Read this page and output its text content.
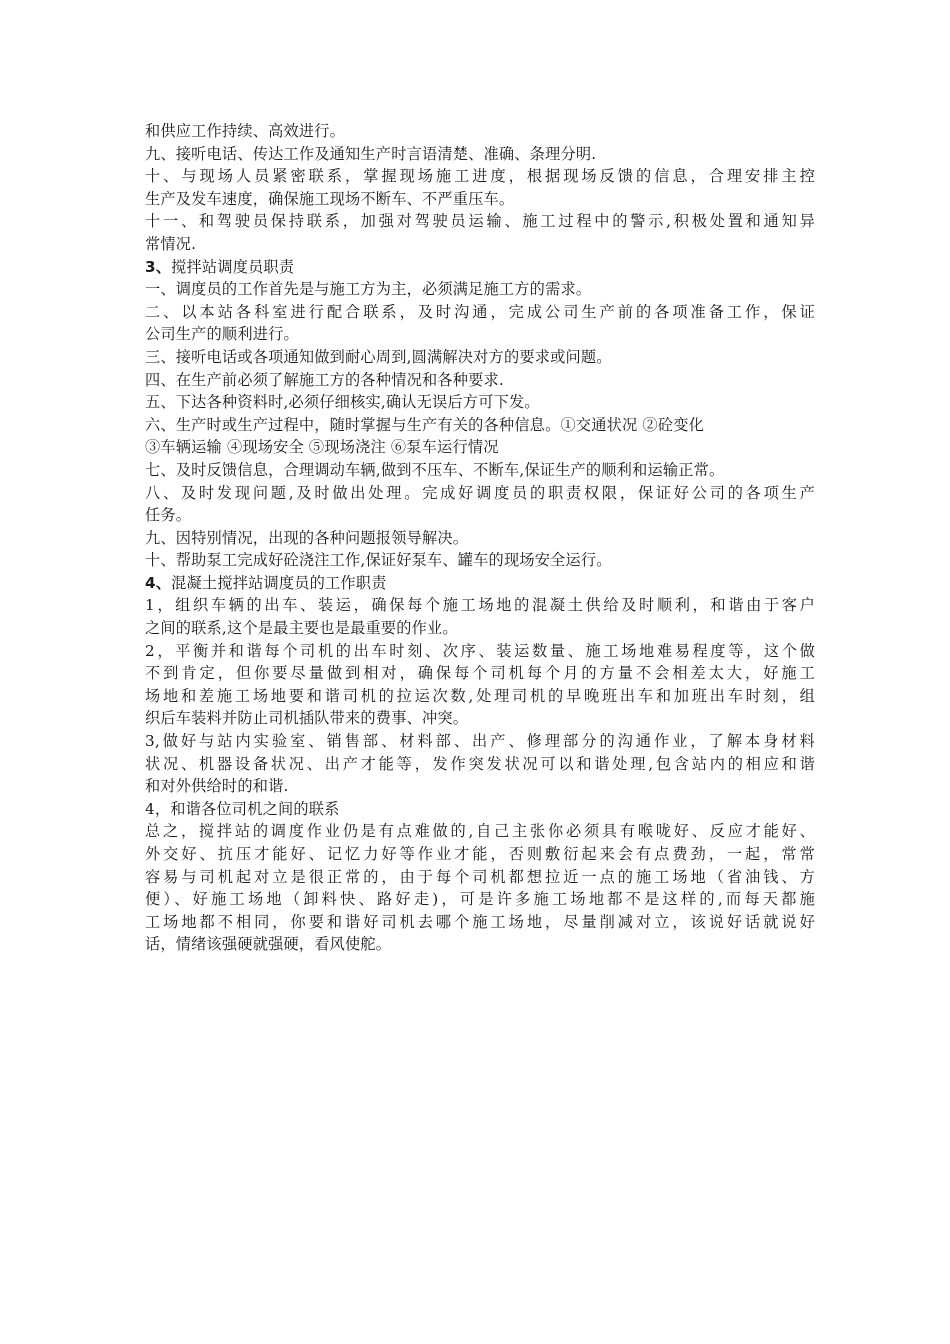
和供应工作持续、高效进行。
九、接听电话、传达工作及通知生产时言语清楚、准确、条理分明.
十、与现场人员紧密联系，掌握现场施工进度，根据现场反馈的信息，合理安排主控
生产及发车速度，确保施工现场不断车、不严重压车。
十一、和驾驶员保持联系，加强对驾驶员运输、施工过程中的警示,积极处置和通知异
常情况.
3、搅拌站调度员职责
一、调度员的工作首先是与施工方为主，必须满足施工方的需求。
二、以本站各科室进行配合联系，及时沟通，完成公司生产前的各项准备工作，保证
公司生产的顺利进行。
三、接听电话或各项通知做到耐心周到,圆满解决对方的要求或问题。
四、在生产前必须了解施工方的各种情况和各种要求.
五、下达各种资料时,必须仔细核实,确认无误后方可下发。
六、生产时或生产过程中，随时掌握与生产有关的各种信息。①交通状况 ②砼变化
③车辆运输 ④现场安全 ⑤现场浇注 ⑥泵车运行情况
七、及时反馈信息，合理调动车辆,做到不压车、不断车,保证生产的顺利和运输正常。
八、及时发现问题,及时做出处理。完成好调度员的职责权限，保证好公司的各项生产
任务。
九、因特别情况，出现的各种问题报领导解决。
十、帮助泵工完成好砼浇注工作,保证好泵车、罐车的现场安全运行。
4、混凝土搅拌站调度员的工作职责
1，组织车辆的出车、装运，确保每个施工场地的混凝土供给及时顺利，和谐由于客户
之间的联系,这个是最主要也是最重要的作业。
2，平衡并和谐每个司机的出车时刻、次序、装运数量、施工场地难易程度等，这个做
不到肯定，但你要尽量做到相对，确保每个司机每个月的方量不会相差太大，好施工
场地和差施工场地要和谐司机的拉运次数,处理司机的早晚班出车和加班出车时刻，组
织后车装料并防止司机插队带来的费事、冲突。
3,做好与站内实验室、销售部、材料部、出产、修理部分的沟通作业，了解本身材料
状况、机器设备状况、出产才能等，发作突发状况可以和谐处理,包含站内的相应和谐
和对外供给时的和谐.
4，和谐各位司机之间的联系
总之，搅拌站的调度作业仍是有点难做的,自己主张你必须具有喉咙好、反应才能好、
外交好、抗压才能好、记忆力好等作业才能，否则敷衍起来会有点费劲，一起，常常
容易与司机起对立是很正常的，由于每个司机都想拉近一点的施工场地（省油钱、方
便）、好施工场地（卸料快、路好走)，可是许多施工场地都不是这样的,而每天都施
工场地都不相同，你要和谐好司机去哪个施工场地，尽量削减对立，该说好话就说好
话，情绪该强硬就强硬，看风使舵。
